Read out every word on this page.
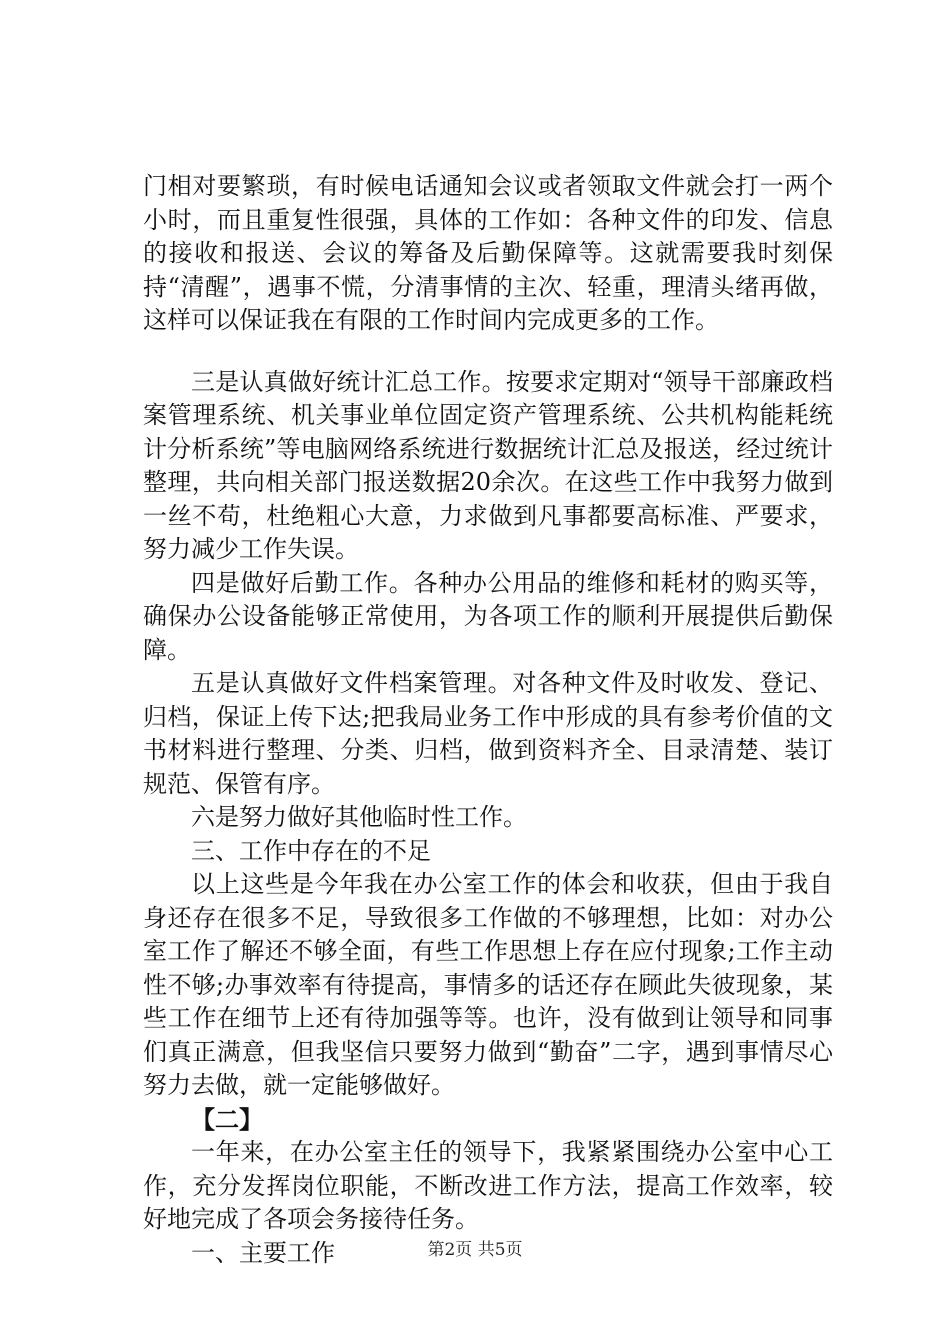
门相对要繁琐，有时候电话通知会议或者领取文件就会打一两个小时，而且重复性很强，具体的工作如：各种文件的印发、信息的接收和报送、会议的筹备及后勤保障等。这就需要我时刻保持“清醒”，遇事不慌，分清事情的主次、轻重，理清头绪再做，这样可以保证我在有限的工作时间内完成更多的工作。

三是认真做好统计汇总工作。按要求定期对“领导干部廉政档案管理系统、机关事业单位固定资产管理系统、公共机构能耗统计分析系统”等电脑网络系统进行数据统计汇总及报送，经过统计整理，共向相关部门报送数据20余次。在这些工作中我努力做到一丝不苟，杜绝粗心大意，力求做到凡事都要高标准、严要求，努力减少工作失误。

四是做好后勤工作。各种办公用品的维修和耗材的购买等，确保办公设备能够正常使用，为各项工作的顺利开展提供后勤保障。

五是认真做好文件档案管理。对各种文件及时收发、登记、归档，保证上传下达;把我局业务工作中形成的具有参考价值的文书材料进行整理、分类、归档，做到资料齐全、目录清楚、装订规范、保管有序。

六是努力做好其他临时性工作。

三、工作中存在的不足

以上这些是今年我在办公室工作的体会和收获，但由于我自身还存在很多不足，导致很多工作做的不够理想，比如：对办公室工作了解还不够全面，有些工作思想上存在应付现象;工作主动性不够;办事效率有待提高，事情多的话还存在顾此失彼现象，某些工作在细节上还有待加强等等。也许，没有做到让领导和同事们真正满意，但我坚信只要努力做到“勤奋”二字，遇到事情尽心努力去做，就一定能够做好。

【二】

一年来，在办公室主任的领导下，我紧紧围绕办公室中心工作，充分发挥岗位职能，不断改进工作方法，提高工作效率，较好地完成了各项会务接待任务。

一、主要工作	第2页 共5页
